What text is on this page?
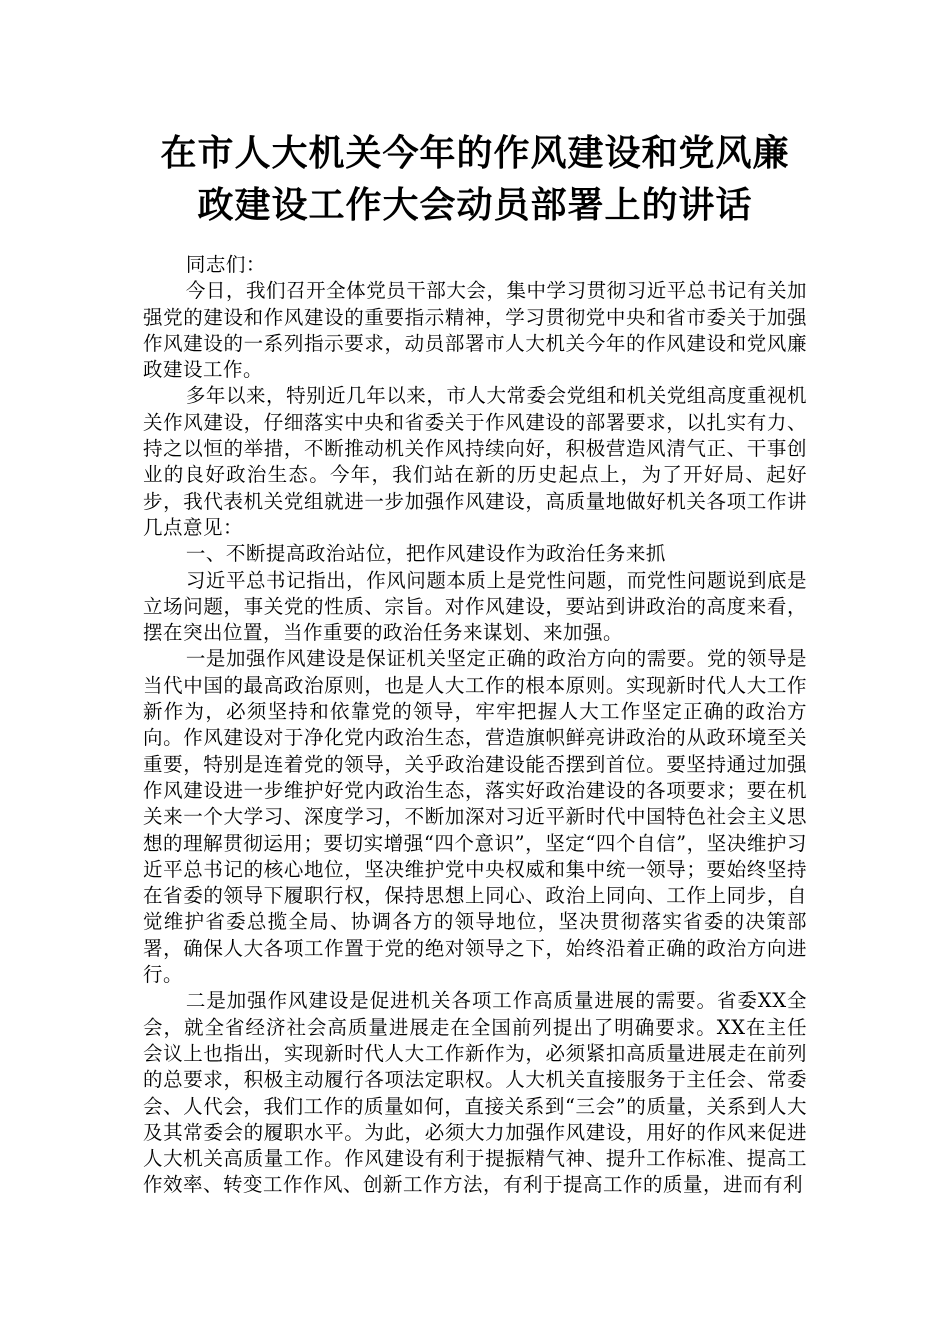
在市人大机关今年的作风建设和党风廉
政建设工作大会动员部署上的讲话

同志们：

今日，我们召开全体党员干部大会，集中学习贯彻习近平总书记有关加强党的建设和作风建设的重要指示精神，学习贯彻党中央和省市委关于加强作风建设的一系列指示要求，动员部署市人大机关今年的作风建设和党风廉政建设工作。

多年以来，特别近几年以来，市人大常委会党组和机关党组高度重视机关作风建设，仔细落实中央和省委关于作风建设的部署要求，以扎实有力、持之以恒的举措，不断推动机关作风持续向好，积极营造风清气正、干事创业的良好政治生态。今年，我们站在新的历史起点上，为了开好局、起好步，我代表机关党组就进一步加强作风建设，高质量地做好机关各项工作讲几点意见：

一、不断提高政治站位，把作风建设作为政治任务来抓

习近平总书记指出，作风问题本质上是党性问题，而党性问题说到底是立场问题，事关党的性质、宗旨。对作风建设，要站到讲政治的高度来看，摆在突出位置，当作重要的政治任务来谋划、来加强。

一是加强作风建设是保证机关坚定正确的政治方向的需要。党的领导是当代中国的最高政治原则，也是人大工作的根本原则。实现新时代人大工作新作为，必须坚持和依靠党的领导，牢牢把握人大工作坚定正确的政治方向。作风建设对于净化党内政治生态，营造旗帜鲜亮讲政治的从政环境至关重要，特别是连着党的领导，关乎政治建设能否摆到首位。要坚持通过加强作风建设进一步维护好党内政治生态，落实好政治建设的各项要求；要在机关来一个大学习、深度学习，不断加深对习近平新时代中国特色社会主义思想的理解贯彻运用；要切实增强“四个意识”，坚定“四个自信”，坚决维护习近平总书记的核心地位，坚决维护党中央权威和集中统一领导；要始终坚持在省委的领导下履职行权，保持思想上同心、政治上同向、工作上同步，自觉维护省委总揽全局、协调各方的领导地位，坚决贯彻落实省委的决策部署，确保人大各项工作置于党的绝对领导之下，始终沿着正确的政治方向进行。

二是加强作风建设是促进机关各项工作高质量进展的需要。省委XX全会，就全省经济社会高质量进展走在全国前列提出了明确要求。XX在主任会议上也指出，实现新时代人大工作新作为，必须紧扣高质量进展走在前列的总要求，积极主动履行各项法定职权。人大机关直接服务于主任会、常委会、人代会，我们工作的质量如何，直接关系到“三会”的质量，关系到人大及其常委会的履职水平。为此，必须大力加强作风建设，用好的作风来促进人大机关高质量工作。作风建设有利于提振精气神、提升工作标准、提高工作效率、转变工作作风、创新工作方法，有利于提高工作的质量，进而有利
